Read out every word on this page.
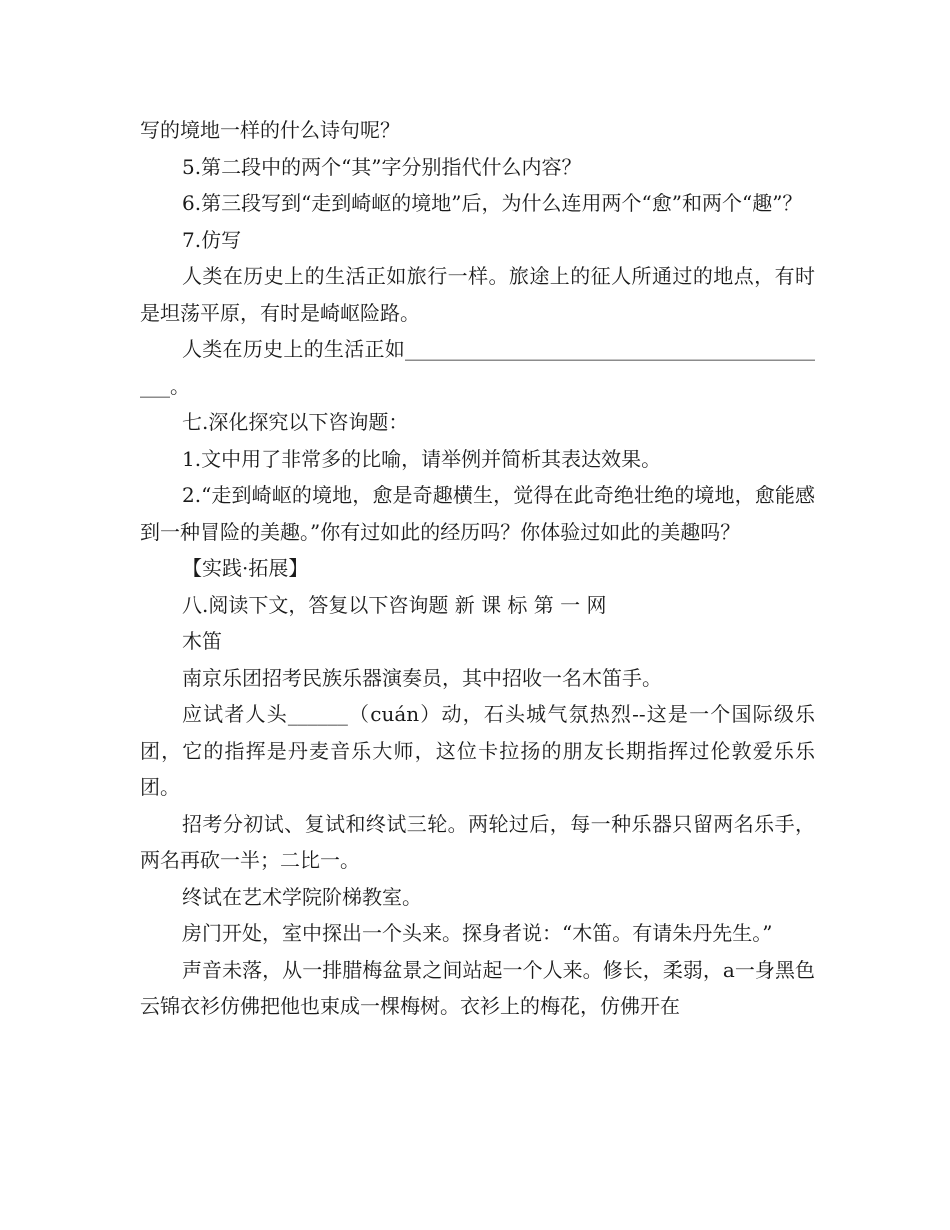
写的境地一样的什么诗句呢？

5.第二段中的两个“其”字分别指代什么内容？

6.第三段写到“走到崎岖的境地”后，为什么连用两个“愈”和两个“趣”？

7.仿写

人类在历史上的生活正如旅行一样。旅途上的征人所通过的地点，有时是坦荡平原，有时是崎岖险路。

人类在历史上的生活正如____________________________________________。

七.深化探究以下咨询题：

1.文中用了非常多的比喻，请举例并简析其表达效果。

2.“走到崎岖的境地，愈是奇趣横生，觉得在此奇绝壮绝的境地，愈能感到一种冒险的美趣。”你有过如此的经历吗？你体验过如此的美趣吗？

【实践·拓展】

八.阅读下文，答复以下咨询题 新 课 标 第 一 网

木笛

南京乐团招考民族乐器演奏员，其中招收一名木笛手。

应试者人头______（cuán）动，石头城气氛热烈--这是一个国际级乐团，它的指挥是丹麦音乐大师，这位卡拉扬的朋友长期指挥过伦敦爱乐乐团。

招考分初试、复试和终试三轮。两轮过后，每一种乐器只留两名乐手，两名再砍一半；二比一。

终试在艺术学院阶梯教室。

房门开处，室中探出一个头来。探身者说：“木笛。有请朱丹先生。”

声音未落，从一排腊梅盆景之间站起一个人来。修长，柔弱，a一身黑色云锦衣衫仿佛把他也束成一棵梅树。衣衫上的梅花，仿佛开在
